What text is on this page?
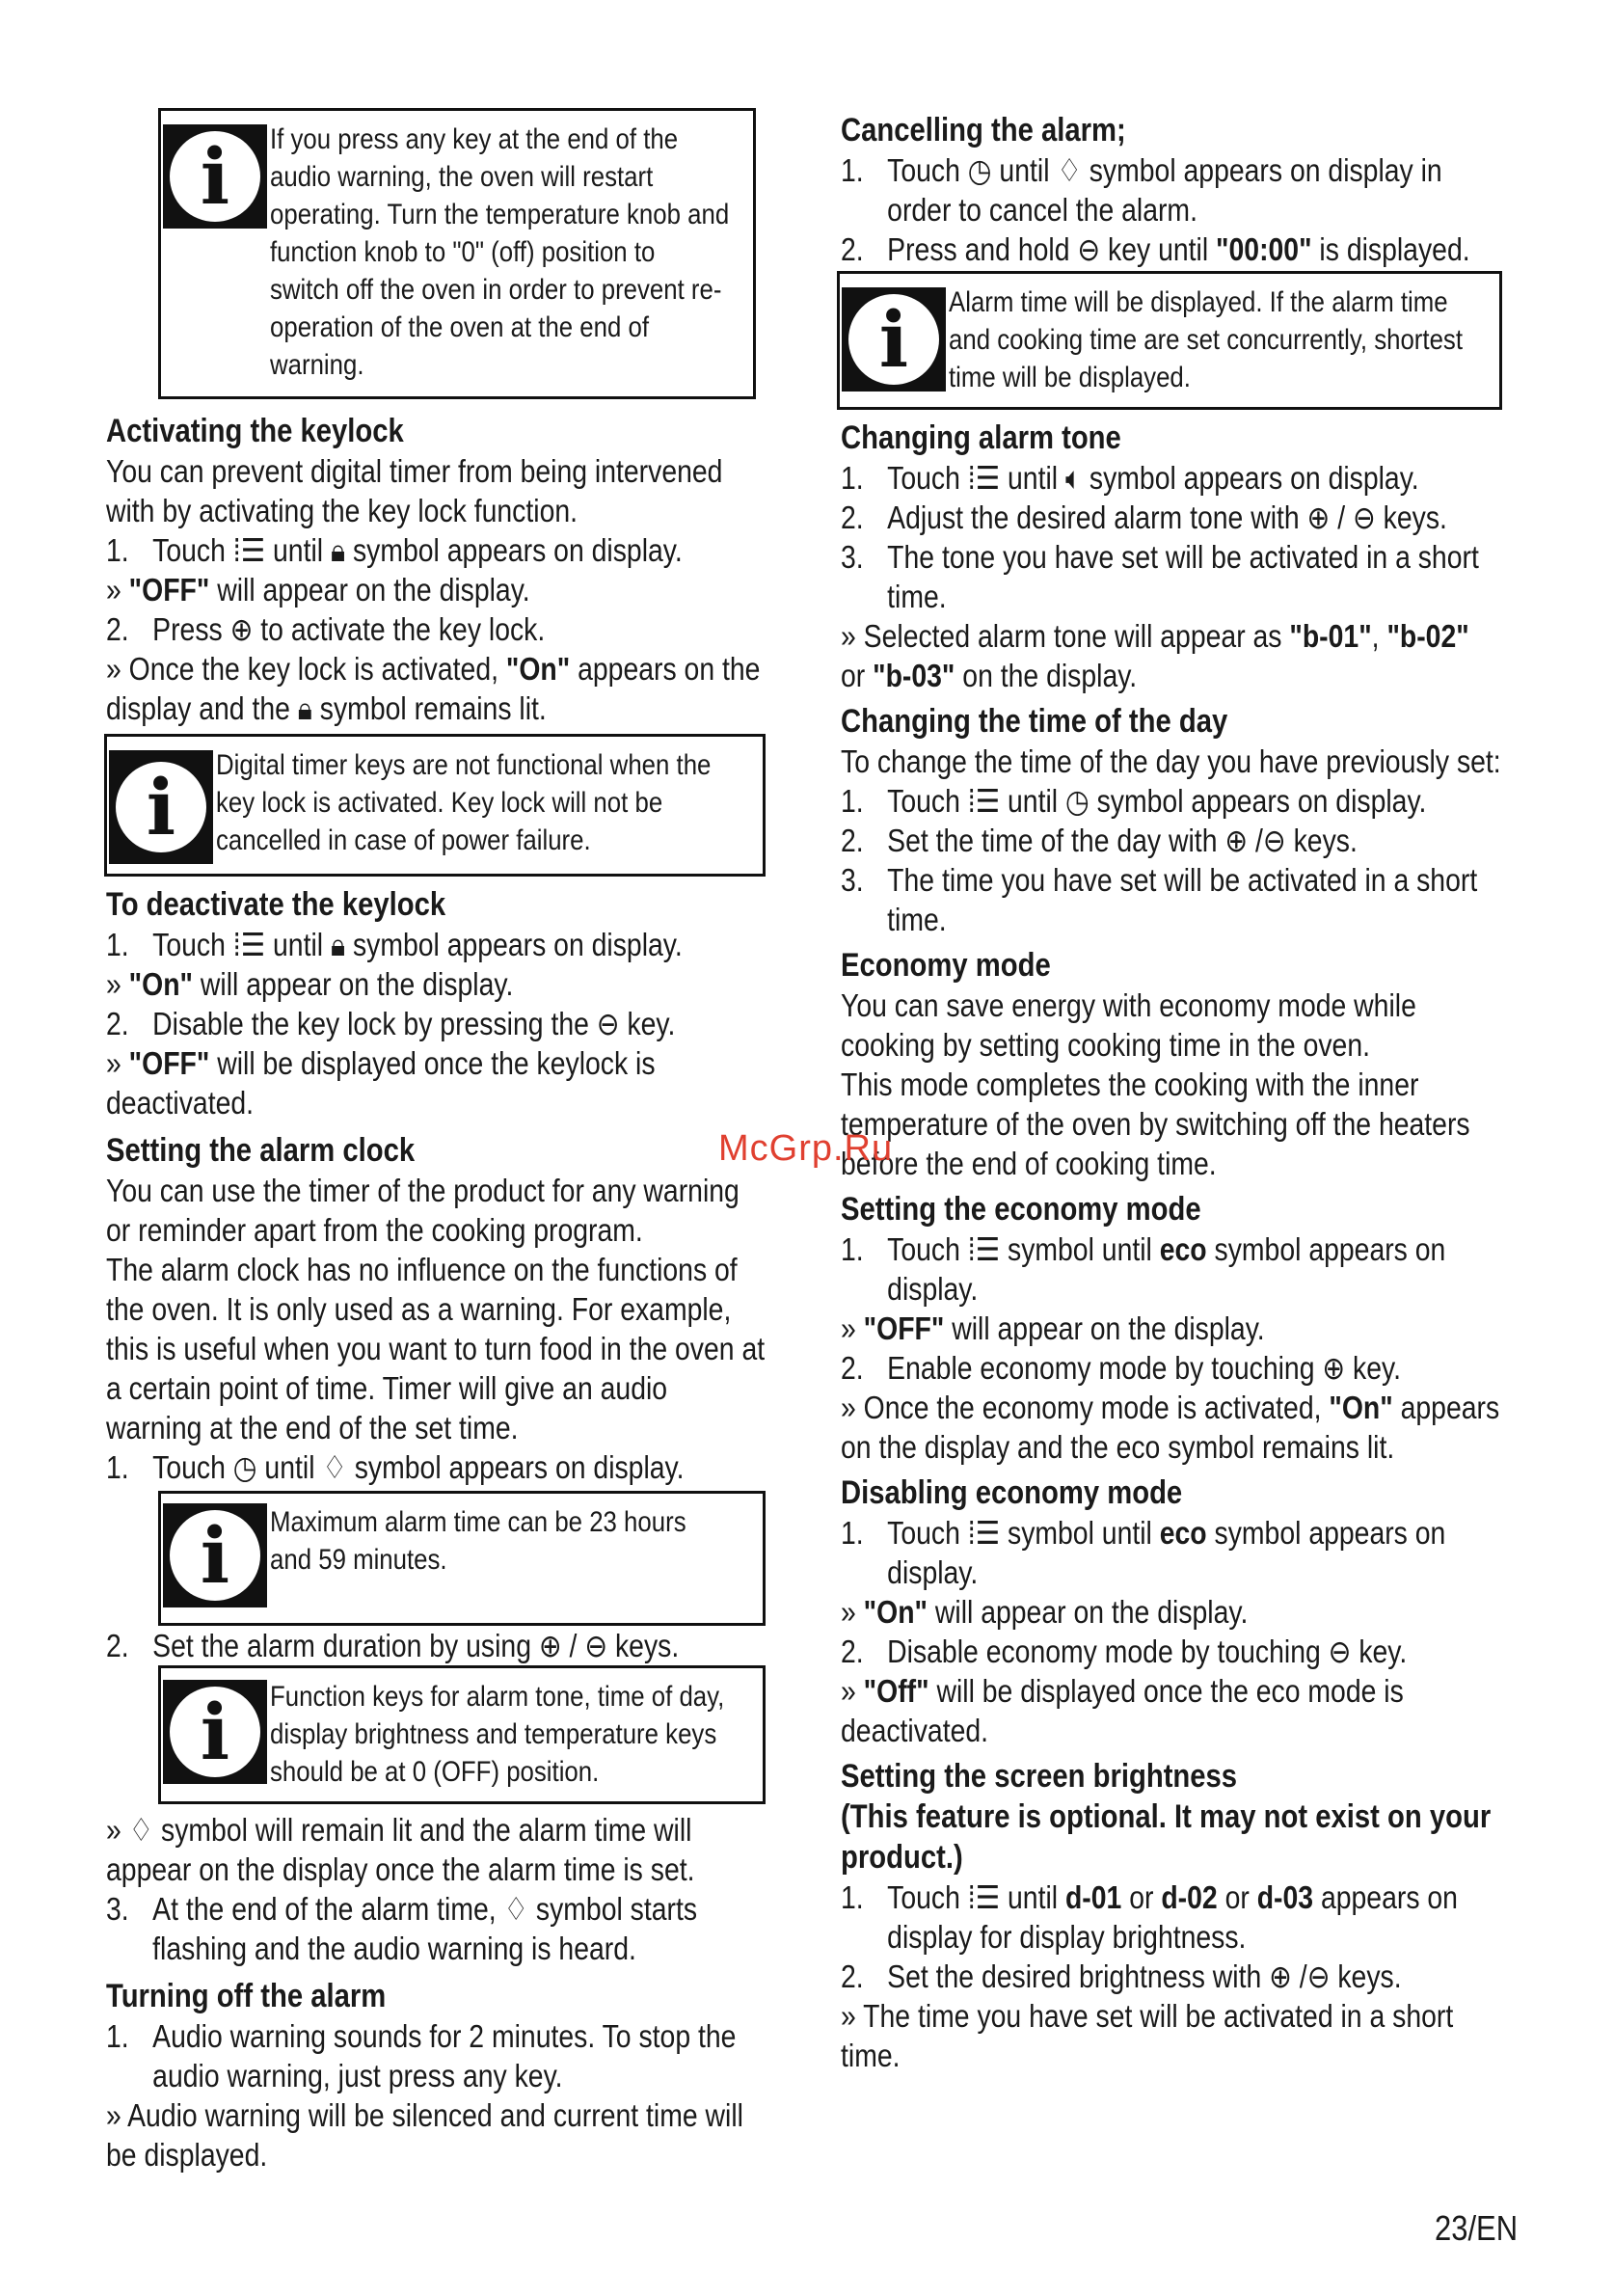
i	If you press any key at the end of the
audio warning, the oven will restart
operating. Turn the temperature knob and
function knob to "0" (off) position to
switch off the oven in order to prevent re-
operation of the oven at the end of
warning.

Activating the keylock

You can prevent digital timer from being intervened

with by activating the key lock function.

1. Touch ⁞☰ until 🔒︎ symbol appears on display.

» "OFF" will appear on the display.

2. Press ⊕ to activate the key lock.

» Once the key lock is activated, "On" appears on the

display and the 🔒︎ symbol remains lit.

i	Digital timer keys are not functional when the
key lock is activated. Key lock will not be
cancelled in case of power failure.

To deactivate the keylock

1. Touch ⁞☰ until 🔒︎ symbol appears on display.

» "On" will appear on the display.

2. Disable the key lock by pressing the ⊖ key.

» "OFF" will be displayed once the keylock is

deactivated.

Setting the alarm clock

You can use the timer of the product for any warning

or reminder apart from the cooking program.

The alarm clock has no influence on the functions of

the oven. It is only used as a warning. For example,

this is useful when you want to turn food in the oven at

a certain point of time. Timer will give an audio

warning at the end of the set time.

1. Touch ◷ until ♢ symbol appears on display.
i	Maximum alarm time can be 23 hours
and 59 minutes.
2. Set the alarm duration by using ⊕ / ⊖ keys.
i	Function keys for alarm tone, time of day,
display brightness and temperature keys
should be at 0 (OFF) position.

» ♢ symbol will remain lit and the alarm time will

appear on the display once the alarm time is set.

3. At the end of the alarm time, ♢ symbol starts
flashing and the audio warning is heard.

Turning off the alarm

1. Audio warning sounds for 2 minutes. To stop the
audio warning, just press any key.

» Audio warning will be silenced and current time will

be displayed.

Cancelling the alarm;

1. Touch ◷ until ♢ symbol appears on display in
order to cancel the alarm.
2. Press and hold ⊖ key until "00:00" is displayed.
i	Alarm time will be displayed. If the alarm time
and cooking time are set concurrently, shortest
time will be displayed.

Changing alarm tone

1. Touch ⁞☰ until 🔈︎ symbol appears on display.
2. Adjust the desired alarm tone with ⊕ / ⊖ keys.
3. The tone you have set will be activated in a short
time.

» Selected alarm tone will appear as "b-01", "b-02"

or "b-03" on the display.

Changing the time of the day

To change the time of the day you have previously set:

1. Touch ⁞☰ until ◷ symbol appears on display.
2. Set the time of the day with ⊕ /⊖ keys.
3. The time you have set will be activated in a short
time.

Economy mode

You can save energy with economy mode while

cooking by setting cooking time in the oven.

This mode completes the cooking with the inner

temperature of the oven by switching off the heaters

before the end of cooking time.

Setting the economy mode

1. Touch ⁞☰ symbol until eco symbol appears on
display.

» "OFF" will appear on the display.

2. Enable economy mode by touching ⊕ key.

» Once the economy mode is activated, "On" appears

on the display and the eco symbol remains lit.

Disabling economy mode

1. Touch ⁞☰ symbol until eco symbol appears on
display.

» "On" will appear on the display.

2. Disable economy mode by touching ⊖ key.

» "Off" will be displayed once the eco mode is

deactivated.

Setting the screen brightness

(This feature is optional. It may not exist on your

product.)

1. Touch ⁞☰ until d-01 or d-02 or d-03 appears on
display for display brightness.
2. Set the desired brightness with ⊕ /⊖ keys.

» The time you have set will be activated in a short

time.

McGrp.Ru
23/EN
